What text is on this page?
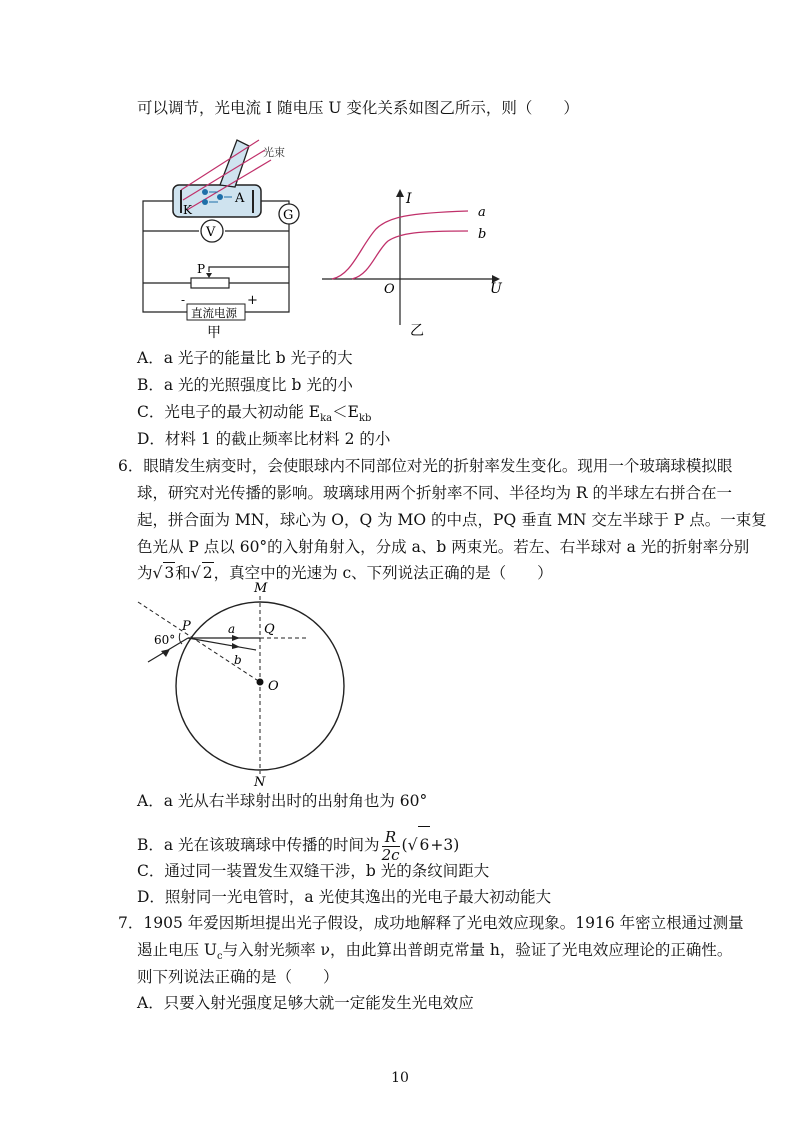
可以调节，光电流 I 随电压 U 变化关系如图乙所示，则（　　）
光束
K
A
G
V
P
直流电源
-	+
甲
I
U
O
a
b
乙
A．a 光子的能量比 b 光子的大
B．a 光的光照强度比 b 光的小
C．光电子的最大初动能 $E_{ka}<E_{kb}$
D．材料 1 的截止频率比材料 2 的小
6．眼睛发生病变时，会使眼球内不同部位对光的折射率发生变化。现用一个玻璃球模拟眼
球，研究对光传播的影响。玻璃球用两个折射率不同、半径均为 R 的半球左右拼合在一
起，拼合面为 MN，球心为 O，Q 为 MO 的中点，PQ 垂直 MN 交左半球于 P 点。一束复
色光从 P 点以 60°的入射角射入，分成 a、b 两束光。若左、右半球对 a 光的折射率分别
为√ 3和√ 2，真空中的光速为 c、下列说法正确的是（　　）
M
N
P	Q
O
a
b
60°
A．a 光从右半球射出时的出射角也为 60°
B．a 光在该玻璃球中传播的时间为 $\frac{R}{2c}$ (√ 6+3)
C．通过同一装置发生双缝干涉，b 光的条纹间距大
D．照射同一光电管时，a 光使其逸出的光电子最大初动能大
7．1905 年爱因斯坦提出光子假设，成功地解释了光电效应现象。1916 年密立根通过测量
遏止电压 $U_c$与入射光频率 ν，由此算出普朗克常量 h，验证了光电效应理论的正确性。
则下列说法正确的是（　　）
A．只要入射光强度足够大就一定能发生光电效应
10
